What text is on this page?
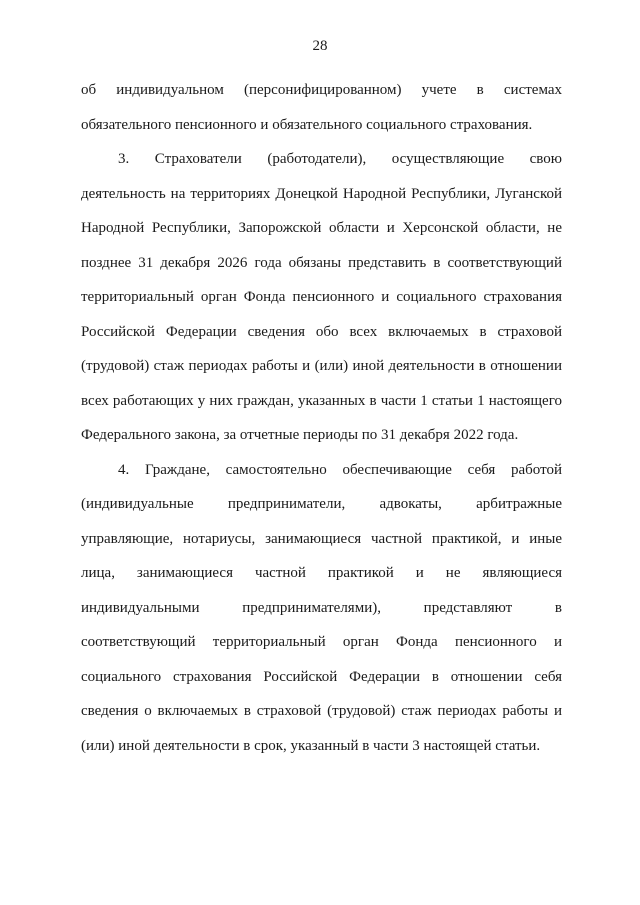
28

об индивидуальном (персонифицированном) учете в системах обязательного пенсионного и обязательного социального страхования.

3. Страхователи (работодатели), осуществляющие свою деятельность на территориях Донецкой Народной Республики, Луганской Народной Республики, Запорожской области и Херсонской области, не позднее 31 декабря 2026 года обязаны представить в соответствующий территориальный орган Фонда пенсионного и социального страхования Российской Федерации сведения обо всех включаемых в страховой (трудовой) стаж периодах работы и (или) иной деятельности в отношении всех работающих у них граждан, указанных в части 1 статьи 1 настоящего Федерального закона, за отчетные периоды по 31 декабря 2022 года.

4. Граждане, самостоятельно обеспечивающие себя работой (индивидуальные предприниматели, адвокаты, арбитражные управляющие, нотариусы, занимающиеся частной практикой, и иные лица, занимающиеся частной практикой и не являющиеся индивидуальными предпринимателями), представляют в соответствующий территориальный орган Фонда пенсионного и социального страхования Российской Федерации в отношении себя сведения о включаемых в страховой (трудовой) стаж периодах работы и (или) иной деятельности в срок, указанный в части 3 настоящей статьи.
